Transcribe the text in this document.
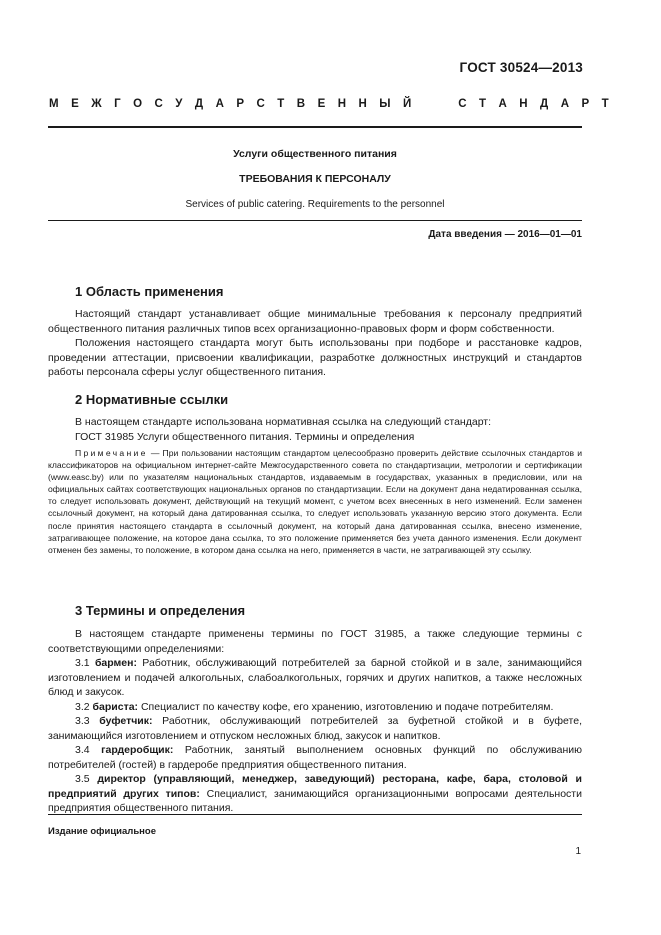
ГОСТ 30524—2013
М Е Ж Г О С У Д А Р С Т В Е Н Н Ы Й	С Т А Н Д А Р Т
Услуги общественного питания
ТРЕБОВАНИЯ К ПЕРСОНАЛУ
Services of public catering. Requirements to the personnel
Дата введения — 2016—01—01
1 Область применения

Настоящий стандарт устанавливает общие минимальные требования к персоналу предприятий общественного питания различных типов всех организационно-правовых форм и форм собственности.

Положения настоящего стандарта могут быть использованы при подборе и расстановке кадров, проведении аттестации, присвоении квалификации, разработке должностных инструкций и стандартов работы персонала сферы услуг общественного питания.

2 Нормативные ссылки

В настоящем стандарте использована нормативная ссылка на следующий стандарт:

ГОСТ 31985 Услуги общественного питания. Термины и определения

Примечание — При пользовании настоящим стандартом целесообразно проверить действие ссылочных стандартов и классификаторов на официальном интернет-сайте Межгосударственного совета по стандартизации, метрологии и сертификации (www.easc.by) или по указателям национальных стандартов, издаваемым в государствах, указанных в предисловии, или на официальных сайтах соответствующих национальных органов по стандартизации. Если на документ дана недатированная ссылка, то следует использовать документ, действующий на текущий момент, с учетом всех внесенных в него изменений. Если заменен ссылочный документ, на который дана датированная ссылка, то следует использовать указанную версию этого документа. Если после принятия настоящего стандарта в ссылочный документ, на который дана датированная ссылка, внесено изменение, затрагивающее положение, на которое дана ссылка, то это положение применяется без учета данного изменения. Если документ отменен без замены, то положение, в котором дана ссылка на него, применяется в части, не затрагивающей эту ссылку.

3 Термины и определения

В настоящем стандарте применены термины по ГОСТ 31985, а также следующие термины с соответствующими определениями:

3.1 бармен: Работник, обслуживающий потребителей за барной стойкой и в зале, занимающийся изготовлением и подачей алкогольных, слабоалкогольных, горячих и других напитков, а также несложных блюд и закусок.

3.2 бариста: Специалист по качеству кофе, его хранению, изготовлению и подаче потребителям.

3.3 буфетчик: Работник, обслуживающий потребителей за буфетной стойкой и в буфете, занимающийся изготовлением и отпуском несложных блюд, закусок и напитков.

3.4 гардеробщик: Работник, занятый выполнением основных функций по обслуживанию потребителей (гостей) в гардеробе предприятия общественного питания.

3.5 директор (управляющий, менеджер, заведующий) ресторана, кафе, бара, столовой и предприятий других типов: Специалист, занимающийся организационными вопросами деятельности предприятия общественного питания.

Издание официальное
1
